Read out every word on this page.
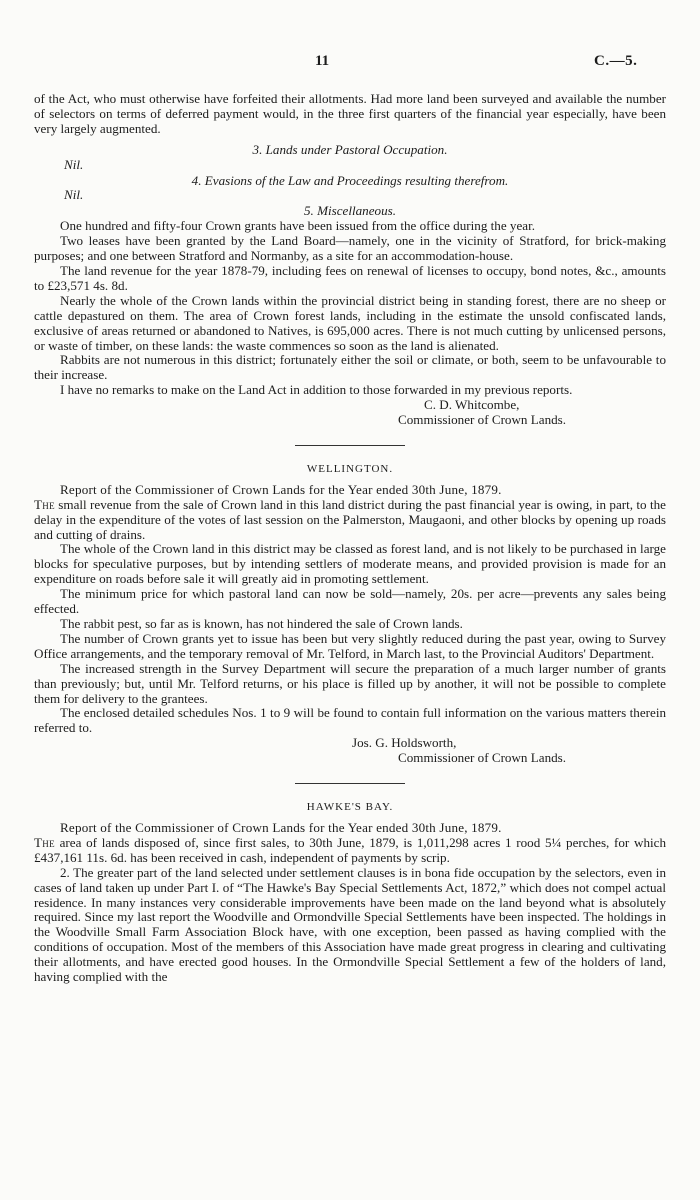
11	C.—5.

of the Act, who must otherwise have forfeited their allotments. Had more land been surveyed and available the number of selectors on terms of deferred payment would, in the three first quarters of the financial year especially, have been very largely augmented.

3. Lands under Pastoral Occupation.

Nil.

4. Evasions of the Law and Proceedings resulting therefrom.

Nil.

5. Miscellaneous.

One hundred and fifty-four Crown grants have been issued from the office during the year.

Two leases have been granted by the Land Board—namely, one in the vicinity of Stratford, for brick-making purposes; and one between Stratford and Normanby, as a site for an accommodation-house.

The land revenue for the year 1878-79, including fees on renewal of licenses to occupy, bond notes, &c., amounts to £23,571 4s. 8d.

Nearly the whole of the Crown lands within the provincial district being in standing forest, there are no sheep or cattle depastured on them. The area of Crown forest lands, including in the estimate the unsold confiscated lands, exclusive of areas returned or abandoned to Natives, is 695,000 acres. There is not much cutting by unlicensed persons, or waste of timber, on these lands: the waste commences so soon as the land is alienated.

Rabbits are not numerous in this district; fortunately either the soil or climate, or both, seem to be unfavourable to their increase.

I have no remarks to make on the Land Act in addition to those forwarded in my previous reports.

C. D. Whitcombe,

Commissioner of Crown Lands.

WELLINGTON.

Report of the Commissioner of Crown Lands for the Year ended 30th June, 1879.

The small revenue from the sale of Crown land in this land district during the past financial year is owing, in part, to the delay in the expenditure of the votes of last session on the Palmerston, Maugaoni, and other blocks by opening up roads and cutting of drains.

The whole of the Crown land in this district may be classed as forest land, and is not likely to be purchased in large blocks for speculative purposes, but by intending settlers of moderate means, and provided provision is made for an expenditure on roads before sale it will greatly aid in promoting settlement.

The minimum price for which pastoral land can now be sold—namely, 20s. per acre—prevents any sales being effected.

The rabbit pest, so far as is known, has not hindered the sale of Crown lands.

The number of Crown grants yet to issue has been but very slightly reduced during the past year, owing to Survey Office arrangements, and the temporary removal of Mr. Telford, in March last, to the Provincial Auditors' Department.

The increased strength in the Survey Department will secure the preparation of a much larger number of grants than previously; but, until Mr. Telford returns, or his place is filled up by another, it will not be possible to complete them for delivery to the grantees.

The enclosed detailed schedules Nos. 1 to 9 will be found to contain full information on the various matters therein referred to.

Jos. G. Holdsworth,

Commissioner of Crown Lands.

HAWKE'S BAY.

Report of the Commissioner of Crown Lands for the Year ended 30th June, 1879.

The area of lands disposed of, since first sales, to 30th June, 1879, is 1,011,298 acres 1 rood 5¼ perches, for which £437,161 11s. 6d. has been received in cash, independent of payments by scrip.

2. The greater part of the land selected under settlement clauses is in bona fide occupation by the selectors, even in cases of land taken up under Part I. of “The Hawke's Bay Special Settlements Act, 1872,” which does not compel actual residence. In many instances very considerable improvements have been made on the land beyond what is absolutely required. Since my last report the Woodville and Ormondville Special Settlements have been inspected. The holdings in the Woodville Small Farm Association Block have, with one exception, been passed as having complied with the conditions of occupation. Most of the members of this Association have made great progress in clearing and cultivating their allotments, and have erected good houses. In the Ormondville Special Settlement a few of the holders of land, having complied with the
